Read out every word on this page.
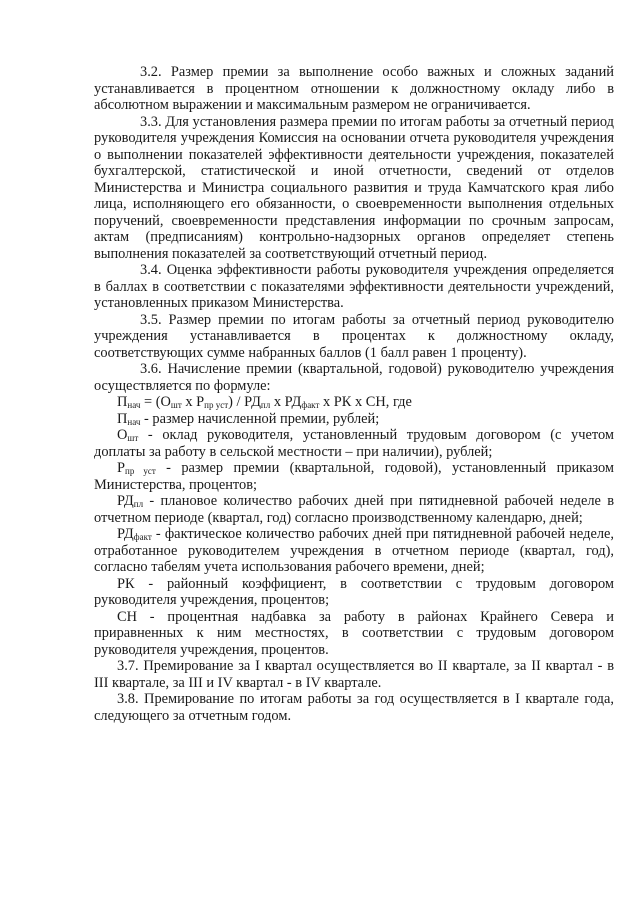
3.2. Размер премии за выполнение особо важных и сложных заданий устанавливается в процентном отношении к должностному окладу либо в абсолютном выражении и максимальным размером не ограничивается.

3.3. Для установления размера премии по итогам работы за отчетный период руководителя учреждения Комиссия на основании отчета руководителя учреждения о выполнении показателей эффективности деятельности учреждения, показателей бухгалтерской, статистической и иной отчетности, сведений от отделов Министерства и Министра социального развития и труда Камчатского края либо лица, исполняющего его обязанности, о своевременности выполнения отдельных поручений, своевременности представления информации по срочным запросам, актам (предписаниям) контрольно-надзорных органов определяет степень выполнения показателей за соответствующий отчетный период.

3.4. Оценка эффективности работы руководителя учреждения определяется в баллах в соответствии с показателями эффективности деятельности учреждений, установленных приказом Министерства.

3.5. Размер премии по итогам работы за отчетный период руководителю учреждения устанавливается в процентах к должностному окладу, соответствующих сумме набранных баллов (1 балл равен 1 проценту).

3.6. Начисление премии (квартальной, годовой) руководителю учреждения осуществляется по формуле:

$П_{нач} = (О_{шт}$ х $Р_{пр уст}) / РД_{пл}$ х $РД_{факт}$ х РК х СН, где

$П_{нач}$ - размер начисленной премии, рублей;

$О_{шт}$ - оклад руководителя, установленный трудовым договором (с учетом доплаты за работу в сельской местности – при наличии), рублей;

$Р_{пр уст}$ - размер премии (квартальной, годовой), установленный приказом Министерства, процентов;

$РД_{пл}$ - плановое количество рабочих дней при пятидневной рабочей неделе в отчетном периоде (квартал, год) согласно производственному календарю, дней;

$РД_{факт}$ - фактическое количество рабочих дней при пятидневной рабочей неделе, отработанное руководителем учреждения в отчетном периоде (квартал, год), согласно табелям учета использования рабочего времени, дней;

РК - районный коэффициент, в соответствии с трудовым договором руководителя учреждения, процентов;

СН - процентная надбавка за работу в районах Крайнего Севера и приравненных к ним местностях, в соответствии с трудовым договором руководителя учреждения, процентов.

3.7. Премирование за I квартал осуществляется во II квартале, за II квартал - в III квартале, за III и IV квартал - в IV квартале.

3.8. Премирование по итогам работы за год осуществляется в I квартале года, следующего за отчетным годом.
